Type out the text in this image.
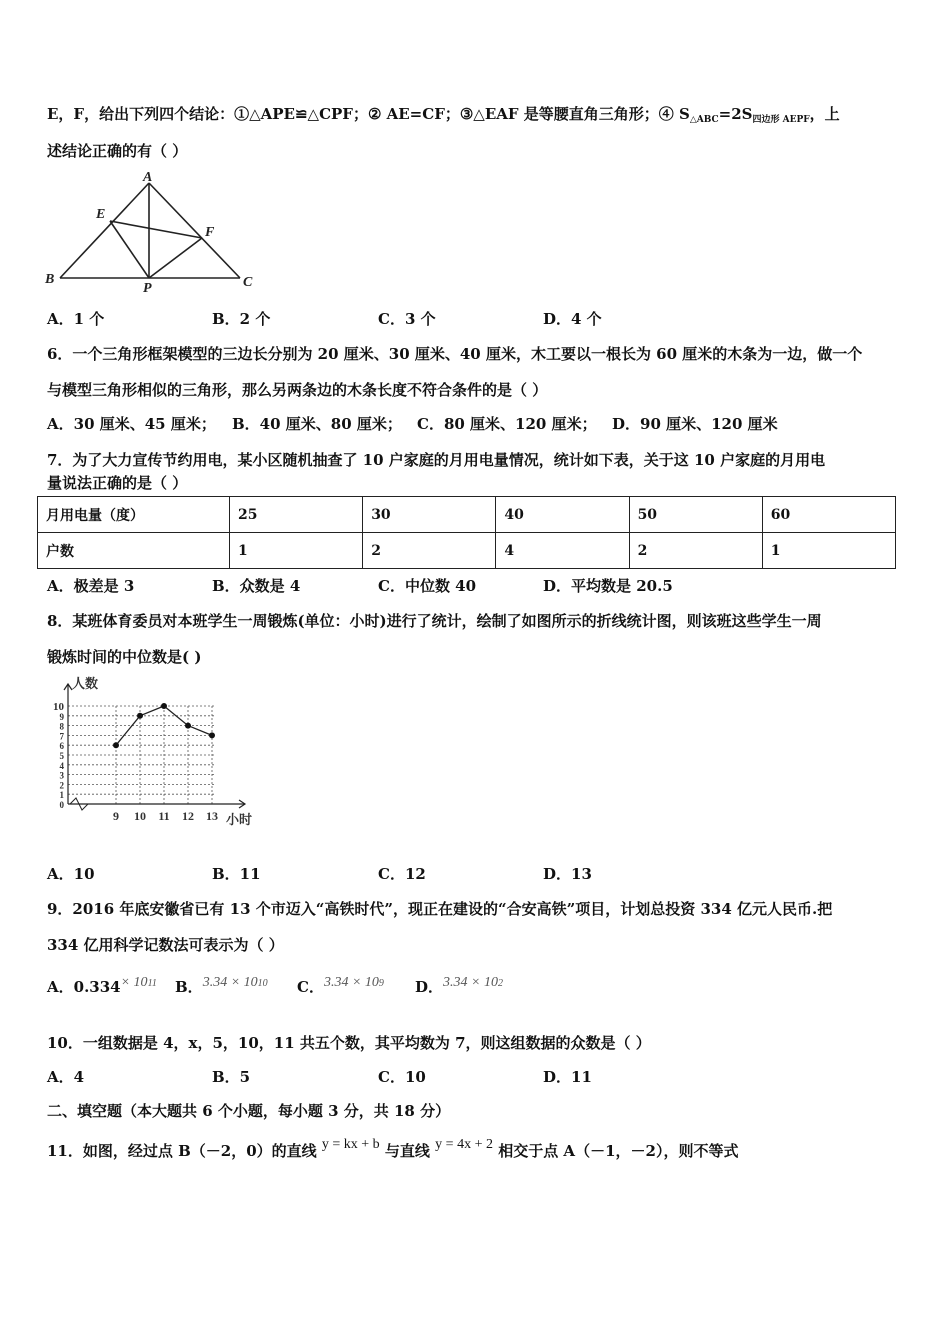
E，F，给出下列四个结论：①△APE≌△CPF；② AE=CF；③△EAF 是等腰直角三角形；④ $S_{\triangle ABC}=2S_{四边形 AEPF}$，上
述结论正确的有（ ）
A
E
F
B
P	C
A．1 个	B．2 个	C．3 个	D．4 个
6．一个三角形框架模型的三边长分别为 20 厘米、30 厘米、40 厘米，木工要以一根长为 60 厘米的木条为一边，做一个
与模型三角形相似的三角形，那么另两条边的木条长度不符合条件的是（ ）
A．30 厘米、45 厘米； B．40 厘米、80 厘米； C．80 厘米、120 厘米； D．90 厘米、120 厘米
7．为了大力宣传节约用电，某小区随机抽查了 10 户家庭的月用电量情况，统计如下表，关于这 10 户家庭的月用电
量说法正确的是（ ）
月用电量（度）	25	30	40	50	60
户数	1	2	4	2	1
A．极差是 3	B．众数是 4	C．中位数 40	D．平均数是 20.5
8．某班体育委员对本班学生一周锻炼(单位：小时)进行了统计，绘制了如图所示的折线统计图，则该班这些学生一周
锻炼时间的中位数是( )
0
1
2
3
4
5
6
7
8
9
10
9 10 11 12 13
人数
小时
A．10	B．11	C．12	D．13
9．2016 年底安徽省已有 13 个市迈入“高铁时代”，现正在建设的“合安高铁”项目，计划总投资 334 亿元人民币.把
334 亿用科学记数法可表示为（ ）
A．$0.334\times 10^{11}$ B．$3.34 \times 10^{10}$ C．$3.34 \times 10^9$ D．$3.34 \times 10^2$
10．一组数据是 4，x，5，10，11 共五个数，其平均数为 7，则这组数据的众数是（ ）
A．4	B．5	C．10	D．11
二、填空题（本大题共 6 个小题，每小题 3 分，共 18 分）
11．如图，经过点 B（－2，0）的直线 y = kx + b 与直线 y = 4x + 2 相交于点 A（－1，－2），则不等式
